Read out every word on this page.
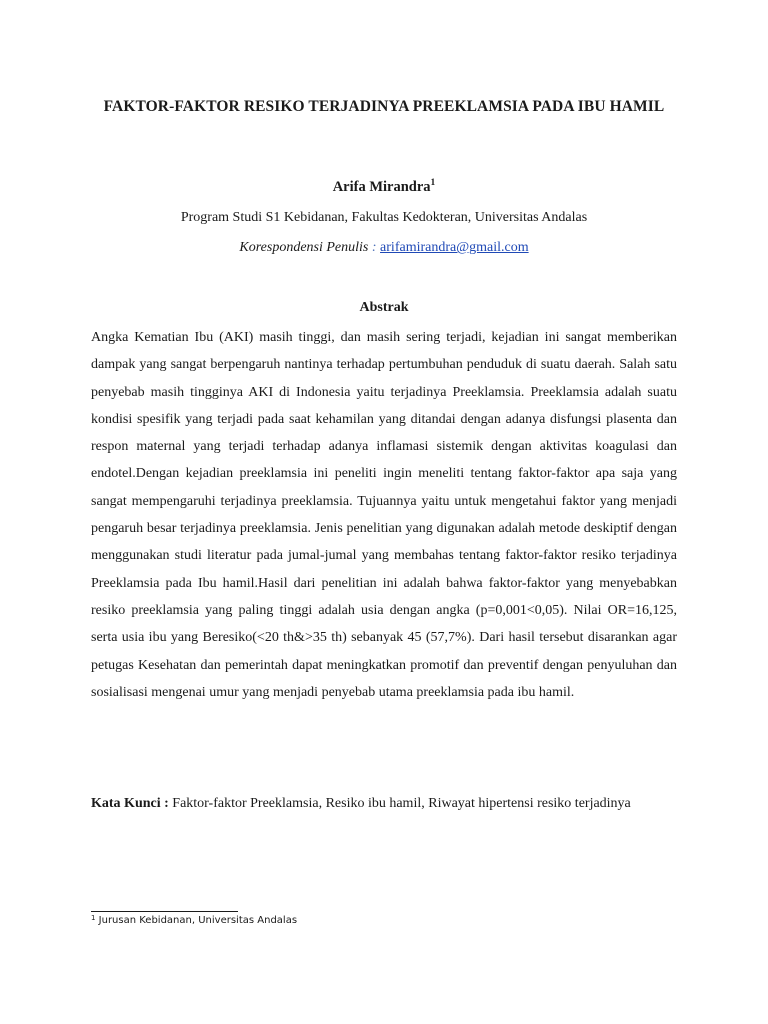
FAKTOR-FAKTOR RESIKO TERJADINYA PREEKLAMSIA PADA IBU HAMIL
Arifa Mirandra$^1$
Program Studi S1 Kebidanan, Fakultas Kedokteran, Universitas Andalas
Korespondensi Penulis : arifamirandra@gmail.com
Abstrak
Angka Kematian Ibu (AKI) masih tinggi, dan masih sering terjadi, kejadian ini sangat memberikan dampak yang sangat berpengaruh nantinya terhadap pertumbuhan penduduk di suatu daerah. Salah satu penyebab masih tingginya AKI di Indonesia yaitu terjadinya Preeklamsia. Preeklamsia adalah suatu kondisi spesifik yang terjadi pada saat kehamilan yang ditandai dengan adanya disfungsi plasenta dan respon maternal yang terjadi terhadap adanya inflamasi sistemik dengan aktivitas koagulasi dan endotel.Dengan kejadian preeklamsia ini peneliti ingin meneliti tentang faktor-faktor apa saja yang sangat mempengaruhi terjadinya preeklamsia. Tujuannya yaitu untuk mengetahui faktor yang menjadi pengaruh besar terjadinya preeklamsia. Jenis penelitian yang digunakan adalah metode deskiptif dengan menggunakan studi literatur pada jumal-jumal yang membahas tentang faktor-faktor resiko terjadinya Preeklamsia pada Ibu hamil.Hasil dari penelitian ini adalah bahwa faktor-faktor yang menyebabkan resiko preeklamsia yang paling tinggi adalah usia dengan angka (p=0,001<0,05). Nilai OR=16,125, serta usia ibu yang Beresiko(<20 th&>35 th) sebanyak 45 (57,7%). Dari hasil tersebut disarankan agar petugas Kesehatan dan pemerintah dapat meningkatkan promotif dan preventif dengan penyuluhan dan sosialisasi mengenai umur yang menjadi penyebab utama preeklamsia pada ibu hamil.
Kata Kunci : Faktor-faktor Preeklamsia, Resiko ibu hamil, Riwayat hipertensi resiko terjadinya
$^1$ Jurusan Kebidanan, Universitas Andalas
